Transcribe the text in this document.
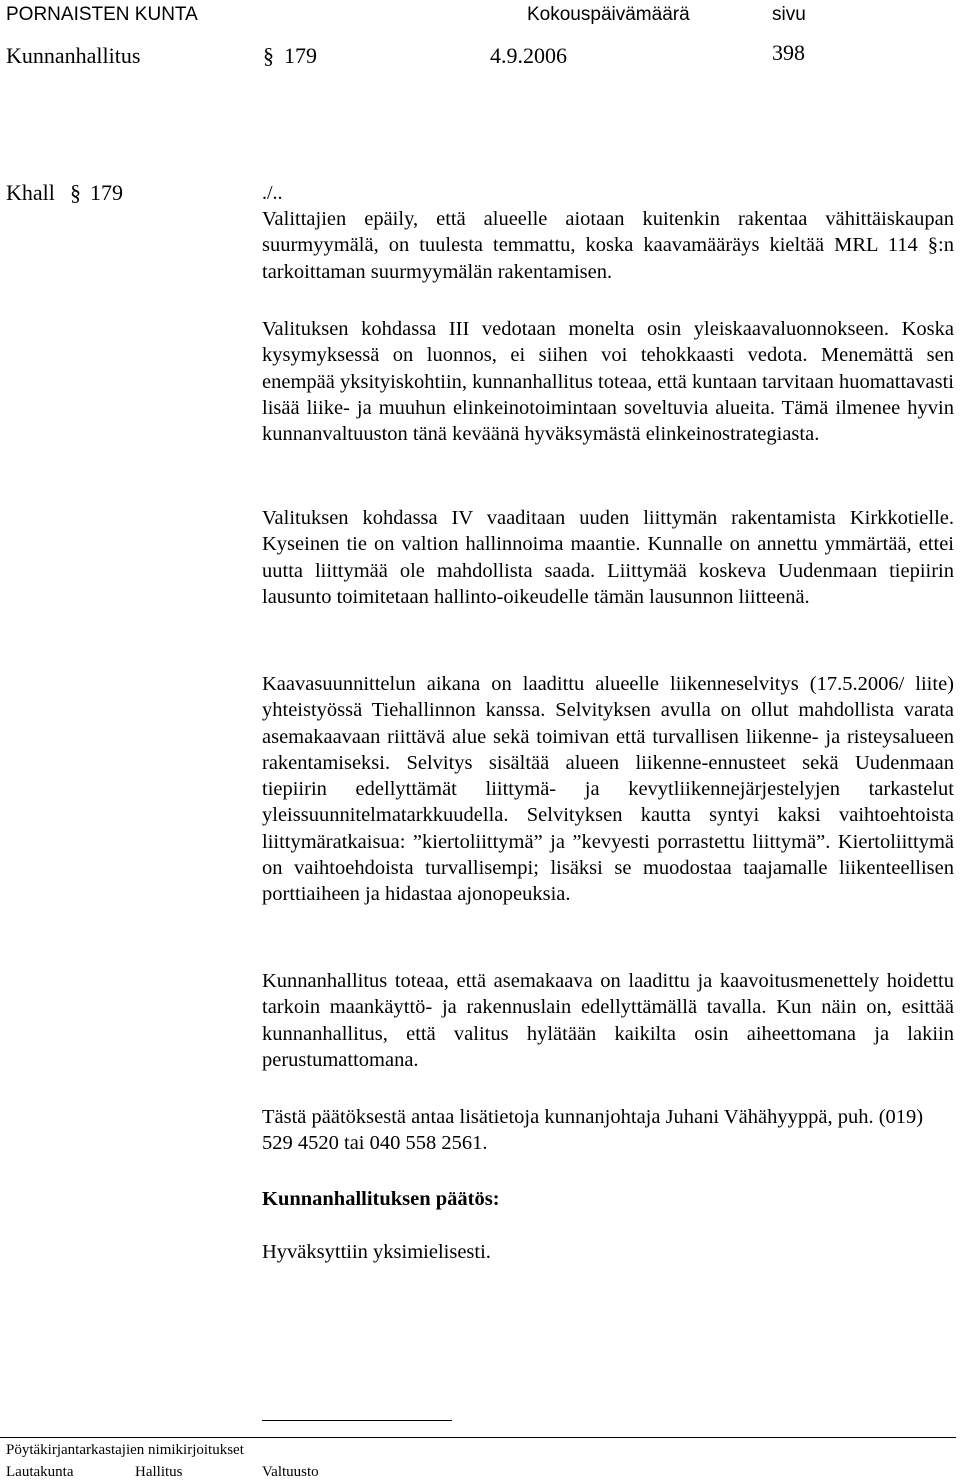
PORNAISTEN KUNTA	Kokouspäivämäärä	sivu
Kunnanhallitus	§ 179	4.9.2006	398
Khall § 179	./..

Valittajien epäily, että alueelle aiotaan kuitenkin rakentaa vähittäiskaupan suurmyymälä, on tuulesta temmattu, koska kaavamääräys kieltää MRL 114 §:n tarkoittaman suurmyymälän rakentamisen.

Valituksen kohdassa III vedotaan monelta osin yleiskaavaluonnokseen. Koska kysymyksessä on luonnos, ei siihen voi tehokkaasti vedota. Menemättä sen enempää yksityiskohtiin, kunnanhallitus toteaa, että kuntaan tarvitaan huomattavasti lisää liike- ja muuhun elinkeinotoimintaan soveltuvia alueita. Tämä ilmenee hyvin kunnanvaltuuston tänä keväänä hyväksymästä elinkeinostrategiasta.

Valituksen kohdassa IV vaaditaan uuden liittymän rakentamista Kirkkotielle. Kyseinen tie on valtion hallinnoima maantie. Kunnalle on annettu ymmärtää, ettei uutta liittymää ole mahdollista saada. Liittymää koskeva Uudenmaan tiepiirin lausunto toimitetaan hallinto-oikeudelle tämän lausunnon liitteenä.

Kaavasuunnittelun aikana on laadittu alueelle liikenneselvitys (17.5.2006/ liite) yhteistyössä Tiehallinnon kanssa. Selvityksen avulla on ollut mahdollista varata asemakaavaan riittävä alue sekä toimivan että turvallisen liikenne- ja risteysalueen rakentamiseksi. Selvitys sisältää alueen liikenne-ennusteet sekä Uudenmaan tiepiirin edellyttämät liittymä- ja kevytliikennejärjestelyjen tarkastelut yleissuunnitelmatarkkuudella. Selvityksen kautta syntyi kaksi vaihtoehtoista liittymäratkaisua: ”kiertoliittymä” ja ”kevyesti porrastettu liittymä”. Kiertoliittymä on vaihtoehdoista turvallisempi; lisäksi se muodostaa taajamalle liikenteellisen porttiaiheen ja hidastaa ajonopeuksia.

Kunnanhallitus toteaa, että asemakaava on laadittu ja kaavoitusmenettely hoidettu tarkoin maankäyttö- ja rakennuslain edellyttämällä tavalla. Kun näin on, esittää kunnanhallitus, että valitus hylätään kaikilta osin aiheettomana ja lakiin perustumattomana.

Tästä päätöksestä antaa lisätietoja kunnanjohtaja Juhani Vähähyyppä, puh. (019) 529 4520 tai 040 558 2561.

Kunnanhallituksen päätös:
Hyväksyttiin yksimielisesti.
Pöytäkirjantarkastajien nimikirjoitukset
Lautakunta	Hallitus	Valtuusto
